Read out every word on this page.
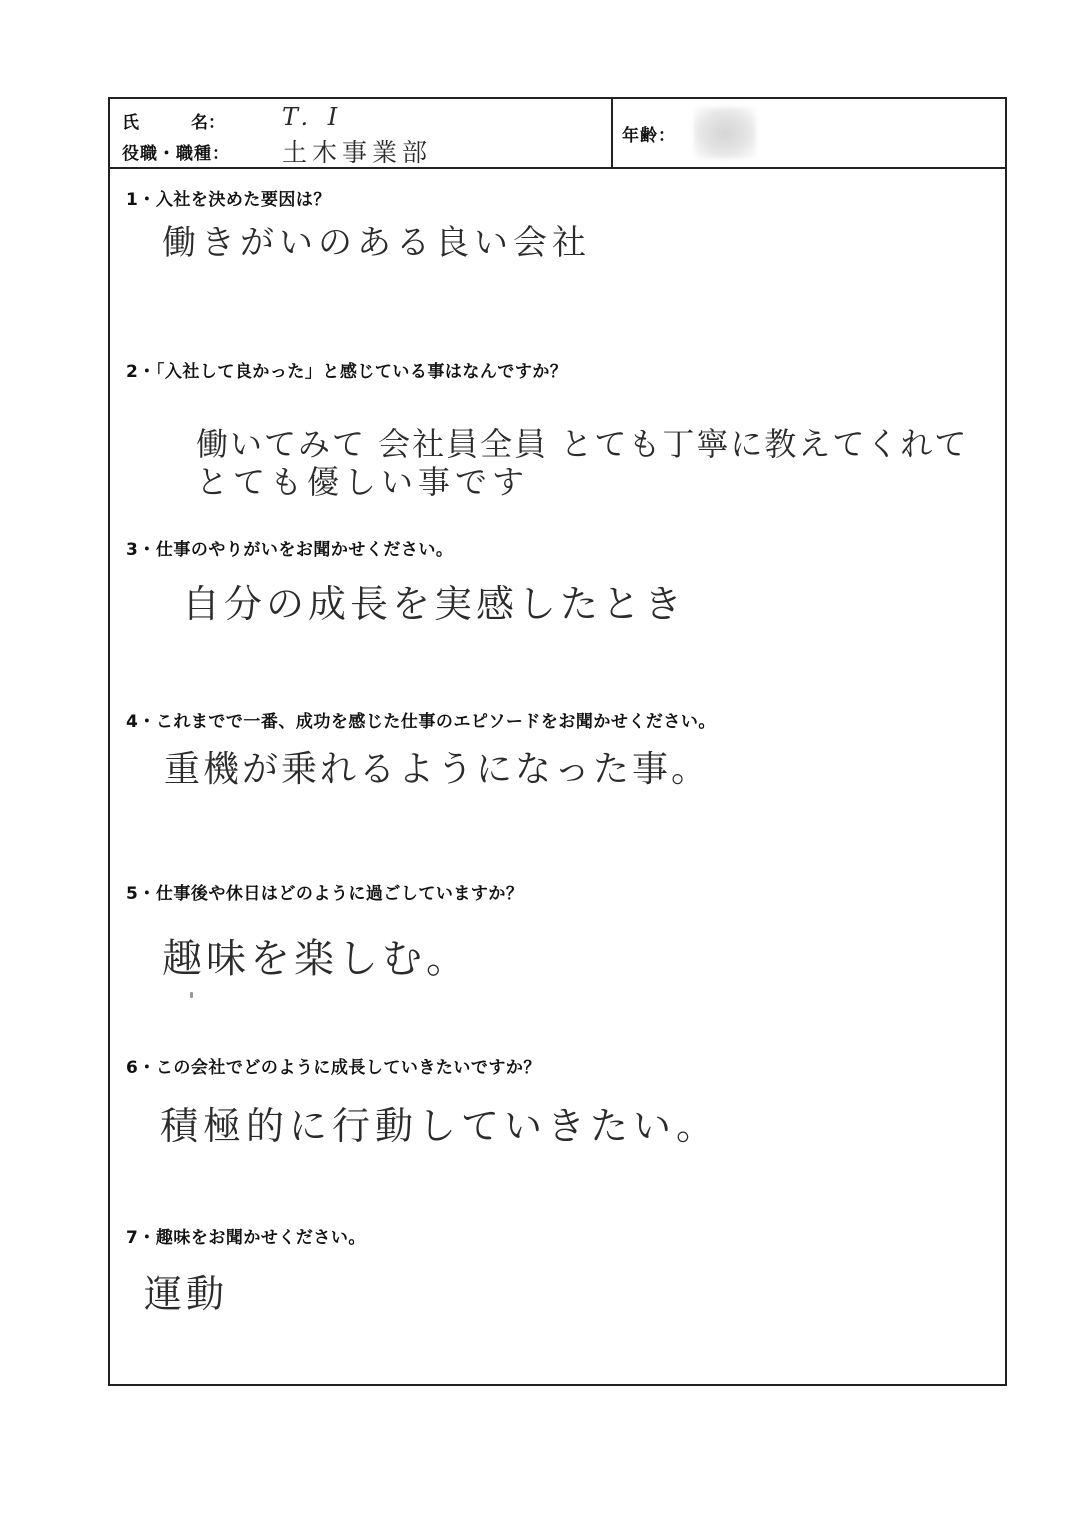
氏	名： T. I
役職・職種： 土木事業部
年齢：
1・入社を決めた要因は？
働きがいのある良い会社
2・「入社して良かった」と感じている事はなんですか？
働いてみて 会社員全員 とても丁寧に教えてくれて
とても優しい事です
3・仕事のやりがいをお聞かせください。
自分の成長を実感したとき
4・これまでで一番、成功を感じた仕事のエピソードをお聞かせください。
重機が乗れるようになった事。
5・仕事後や休日はどのように過ごしていますか？
趣味を楽しむ。
6・この会社でどのように成長していきたいですか？
積極的に行動していきたい。
7・趣味をお聞かせください。
運動
